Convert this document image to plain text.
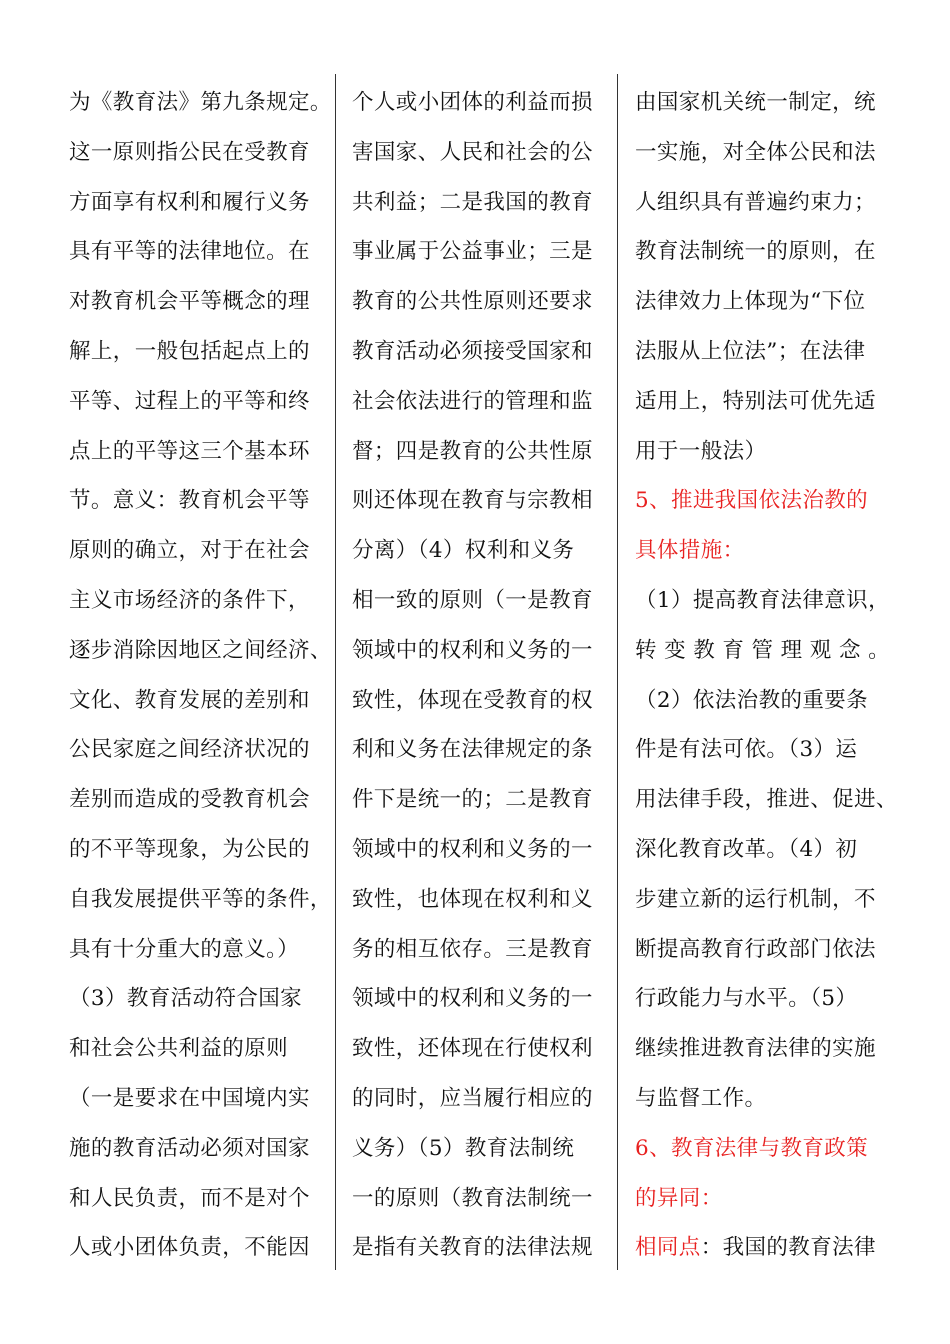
为《教育法》第九条规定。
这一原则指公民在受教育
方面享有权利和履行义务
具有平等的法律地位。在
对教育机会平等概念的理
解上，一般包括起点上的
平等、过程上的平等和终
点上的平等这三个基本环
节。意义：教育机会平等
原则的确立，对于在社会
主义市场经济的条件下，
逐步消除因地区之间经济、
文化、教育发展的差别和
公民家庭之间经济状况的
差别而造成的受教育机会
的不平等现象，为公民的
自我发展提供平等的条件，
具有十分重大的意义。）
（3）教育活动符合国家
和社会公共利益的原则
（一是要求在中国境内实
施的教育活动必须对国家
和人民负责，而不是对个
人或小团体负责，不能因
个人或小团体的利益而损
害国家、人民和社会的公
共利益；二是我国的教育
事业属于公益事业；三是
教育的公共性原则还要求
教育活动必须接受国家和
社会依法进行的管理和监
督；四是教育的公共性原
则还体现在教育与宗教相
分离）（4）权利和义务
相一致的原则（一是教育
领域中的权利和义务的一
致性，体现在受教育的权
利和义务在法律规定的条
件下是统一的；二是教育
领域中的权利和义务的一
致性，也体现在权利和义
务的相互依存。三是教育
领域中的权利和义务的一
致性，还体现在行使权利
的同时，应当履行相应的
义务）（5）教育法制统
一的原则（教育法制统一
是指有关教育的法律法规
由国家机关统一制定，统
一实施，对全体公民和法
人组织具有普遍约束力；
教育法制统一的原则，在
法律效力上体现为“下位
法服从上位法”；在法律
适用上，特别法可优先适
用于一般法）
5、推进我国依法治教的
具体措施：
（1）提高教育法律意识，
转 变 教 育 管 理 观 念 。
（2）依法治教的重要条
件是有法可依。（3）运
用法律手段，推进、促进、
深化教育改革。（4）初
步建立新的运行机制，不
断提高教育行政部门依法
行政能力与水平。（5）
继续推进教育法律的实施
与监督工作。
6、教育法律与教育政策
的异同：
相同点：我国的教育法律
